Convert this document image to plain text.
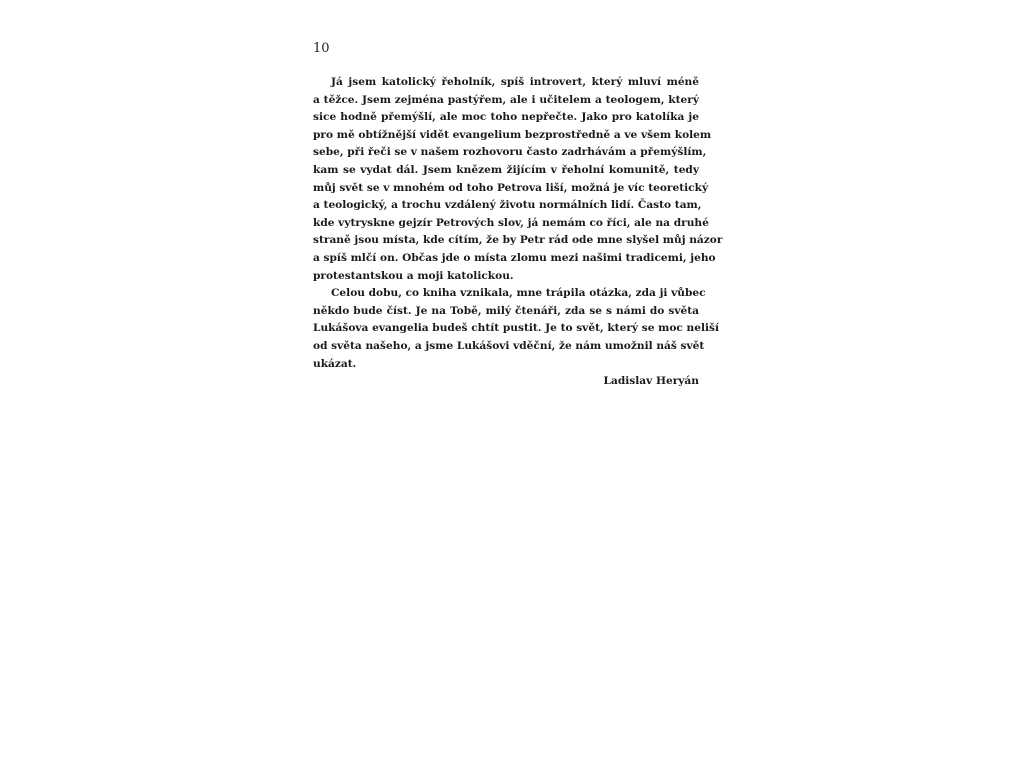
10
Já jsem katolický řeholník, spíš introvert, který mluví méně
a těžce. Jsem zejména pastýřem, ale i učitelem a teologem, který
sice hodně přemýšlí, ale moc toho nepřečte. Jako pro katolíka je
pro mě obtížnější vidět evangelium bezprostředně a ve všem kolem
sebe, při řeči se v našem rozhovoru často zadrhávám a přemýšlím,
kam se vydat dál. Jsem knězem žijícím v řeholní komunitě, tedy
můj svět se v mnohém od toho Petrova liší, možná je víc teoretický
a teologický, a trochu vzdálený životu normálních lidí. Často tam,
kde vytryskne gejzír Petrových slov, já nemám co říci, ale na druhé
straně jsou místa, kde cítím, že by Petr rád ode mne slyšel můj názor
a spíš mlčí on. Občas jde o místa zlomu mezi našimi tradicemi, jeho
protestantskou a moji katolickou.
Celou dobu, co kniha vznikala, mne trápila otázka, zda ji vůbec
někdo bude číst. Je na Tobě, milý čtenáři, zda se s námi do světa
Lukášova evangelia budeš chtít pustit. Je to svět, který se moc neliší
od světa našeho, a jsme Lukášovi vděční, že nám umožnil náš svět
ukázat.
Ladislav Heryán
